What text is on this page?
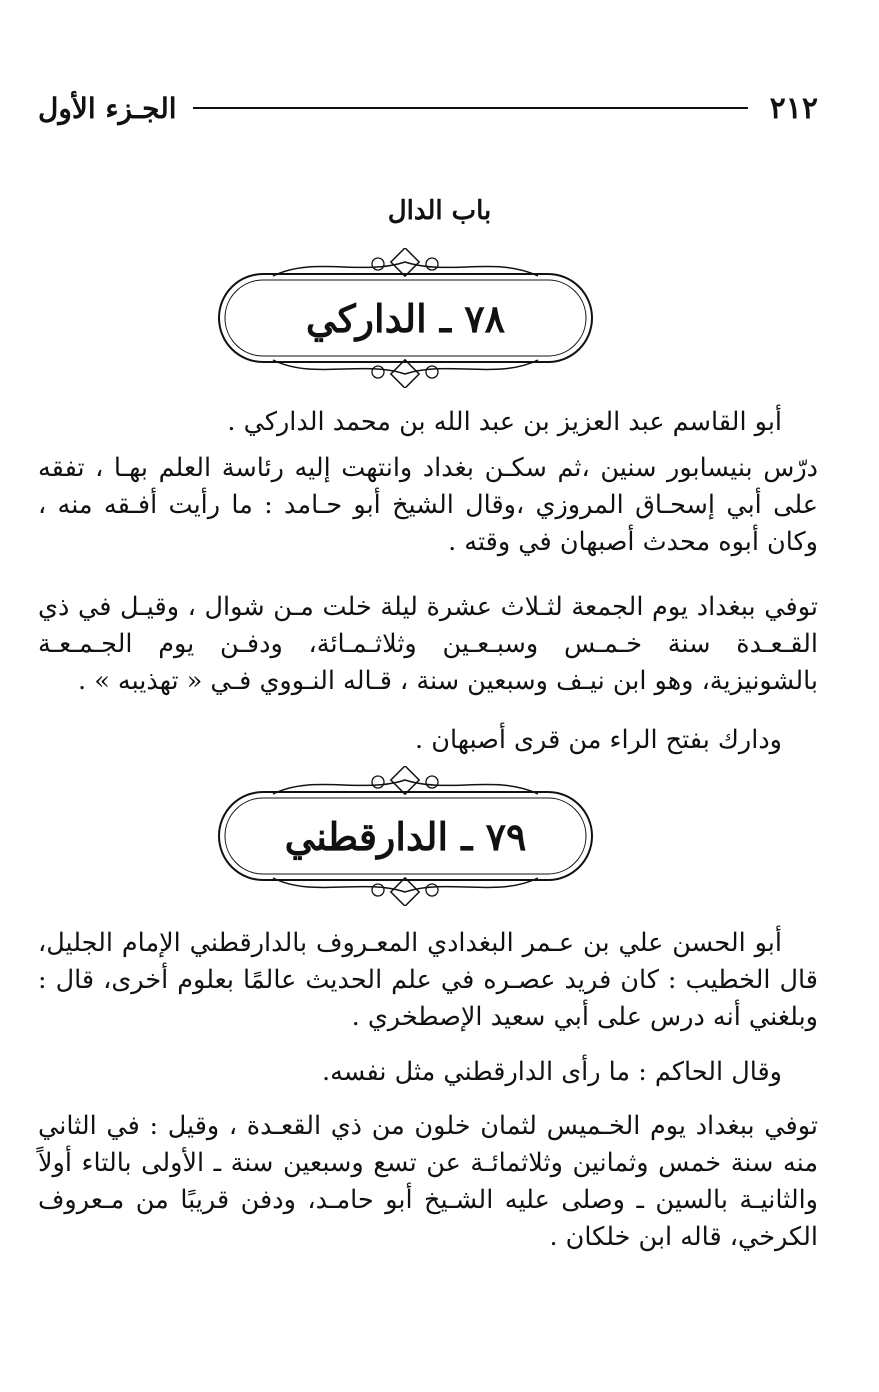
٢١٢
الجـزء الأول
باب الدال
٧٨ ـ الداركي

أبو القاسم عبد العزيز بن عبد الله بن محمد الداركي .

درّس بنيسابور سنين ،ثم سكـن بغداد وانتهت إليه رئاسة العلم بهـا ، تفقه على أبي إسحـاق المروزي ،وقال الشيخ أبو حـامد : ما رأيت أفـقه منه ، وكان أبوه محدث أصبهان في وقته .

توفي ببغداد يوم الجمعة لثـلاث عشرة ليلة خلت مـن شوال ، وقيـل في ذي القـعـدة سنة خـمـس وسبـعـين وثلاثـمـائة، ودفـن يوم الجـمـعـة بالشونيزية، وهو ابن نيـف وسبعين سنة ، قـاله النـووي فـي « تهذيبه » .

ودارك بفتح الراء من قرى أصبهان .

٧٩ ـ الدارقطني

أبو الحسن علي بن عـمر البغدادي المعـروف بالدارقطني الإمام الجليل، قال الخطيب : كان فريد عصـره في علم الحديث عالمًا بعلوم أخرى، قال : وبلغني أنه درس على أبي سعيد الإصطخري .

وقال الحاكم : ما رأى الدارقطني مثل نفسه.

توفي ببغداد يوم الخـميس لثمان خلون من ذي القعـدة ، وقيل : في الثاني منه سنة خمس وثمانين وثلاثمائـة عن تسع وسبعين سنة ـ الأولى بالتاء أولاً والثانيـة بالسين ـ وصلى عليه الشـيخ أبو حامـد، ودفن قريبًا من مـعروف الكرخي، قاله ابن خلكان .
